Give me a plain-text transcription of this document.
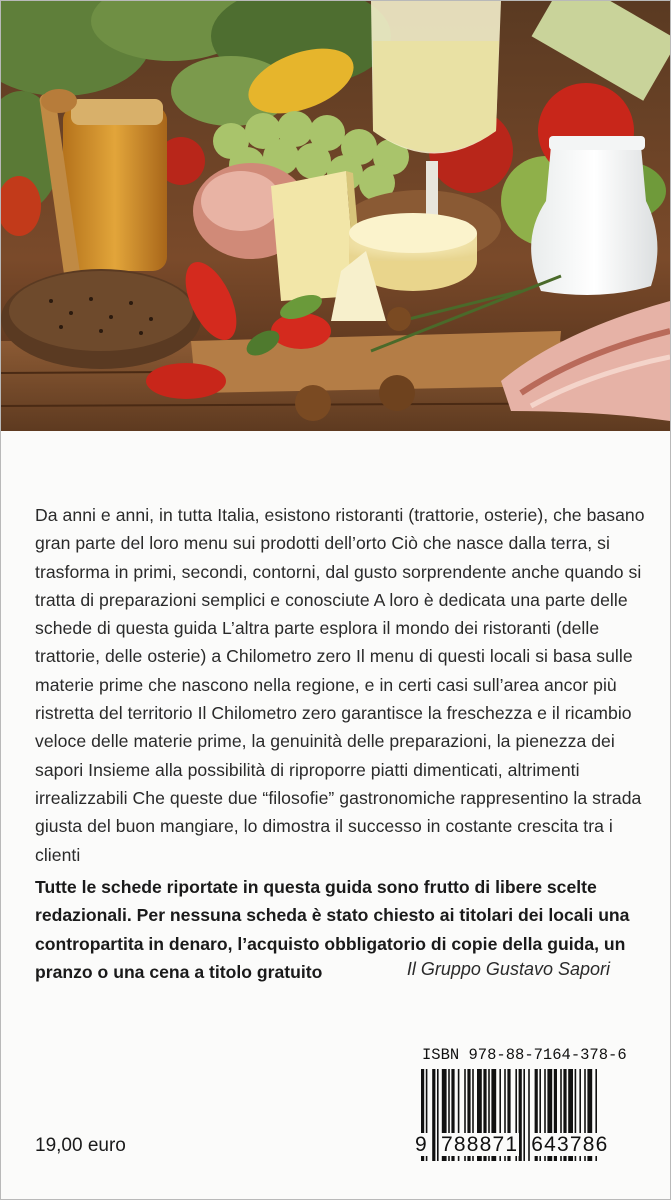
Da anni e anni, in tutta Italia, esistono ristoranti (trattorie, osterie), che basano gran parte del loro menu sui prodotti dell’orto Ciò che nasce dalla terra, si trasforma in primi, secondi, contorni, dal gusto sorprendente anche quando si tratta di preparazioni semplici e conosciute A loro è dedicata una parte delle schede di questa guida L’altra parte esplora il mondo dei ristoranti (delle trattorie, delle osterie) a Chilometro zero Il menu di questi locali si basa sulle materie prime che nascono nella regione, e in certi casi sull’area ancor più ristretta del territorio Il Chilometro zero garantisce la freschezza e il ricambio veloce delle materie prime, la genuinità delle preparazioni, la pienezza dei sapori Insieme alla possibilità di riproporre piatti dimenticati, altrimenti irrealizzabili Che queste due “filosofie” gastronomiche rappresentino la strada giusta del buon mangiare, lo dimostra il successo in costante crescita tra i clienti

Tutte le schede riportate in questa guida sono frutto di libere scelte redazionali. Per nessuna scheda è stato chiesto ai titolari dei locali una contropartita in denaro, l’acquisto obbligatorio di copie della guida, un pranzo o una cena a titolo gratuito	Il Gruppo Gustavo Sapori

ISBN 978-88-7164-378-6
9 788871 643786
19,00 euro
